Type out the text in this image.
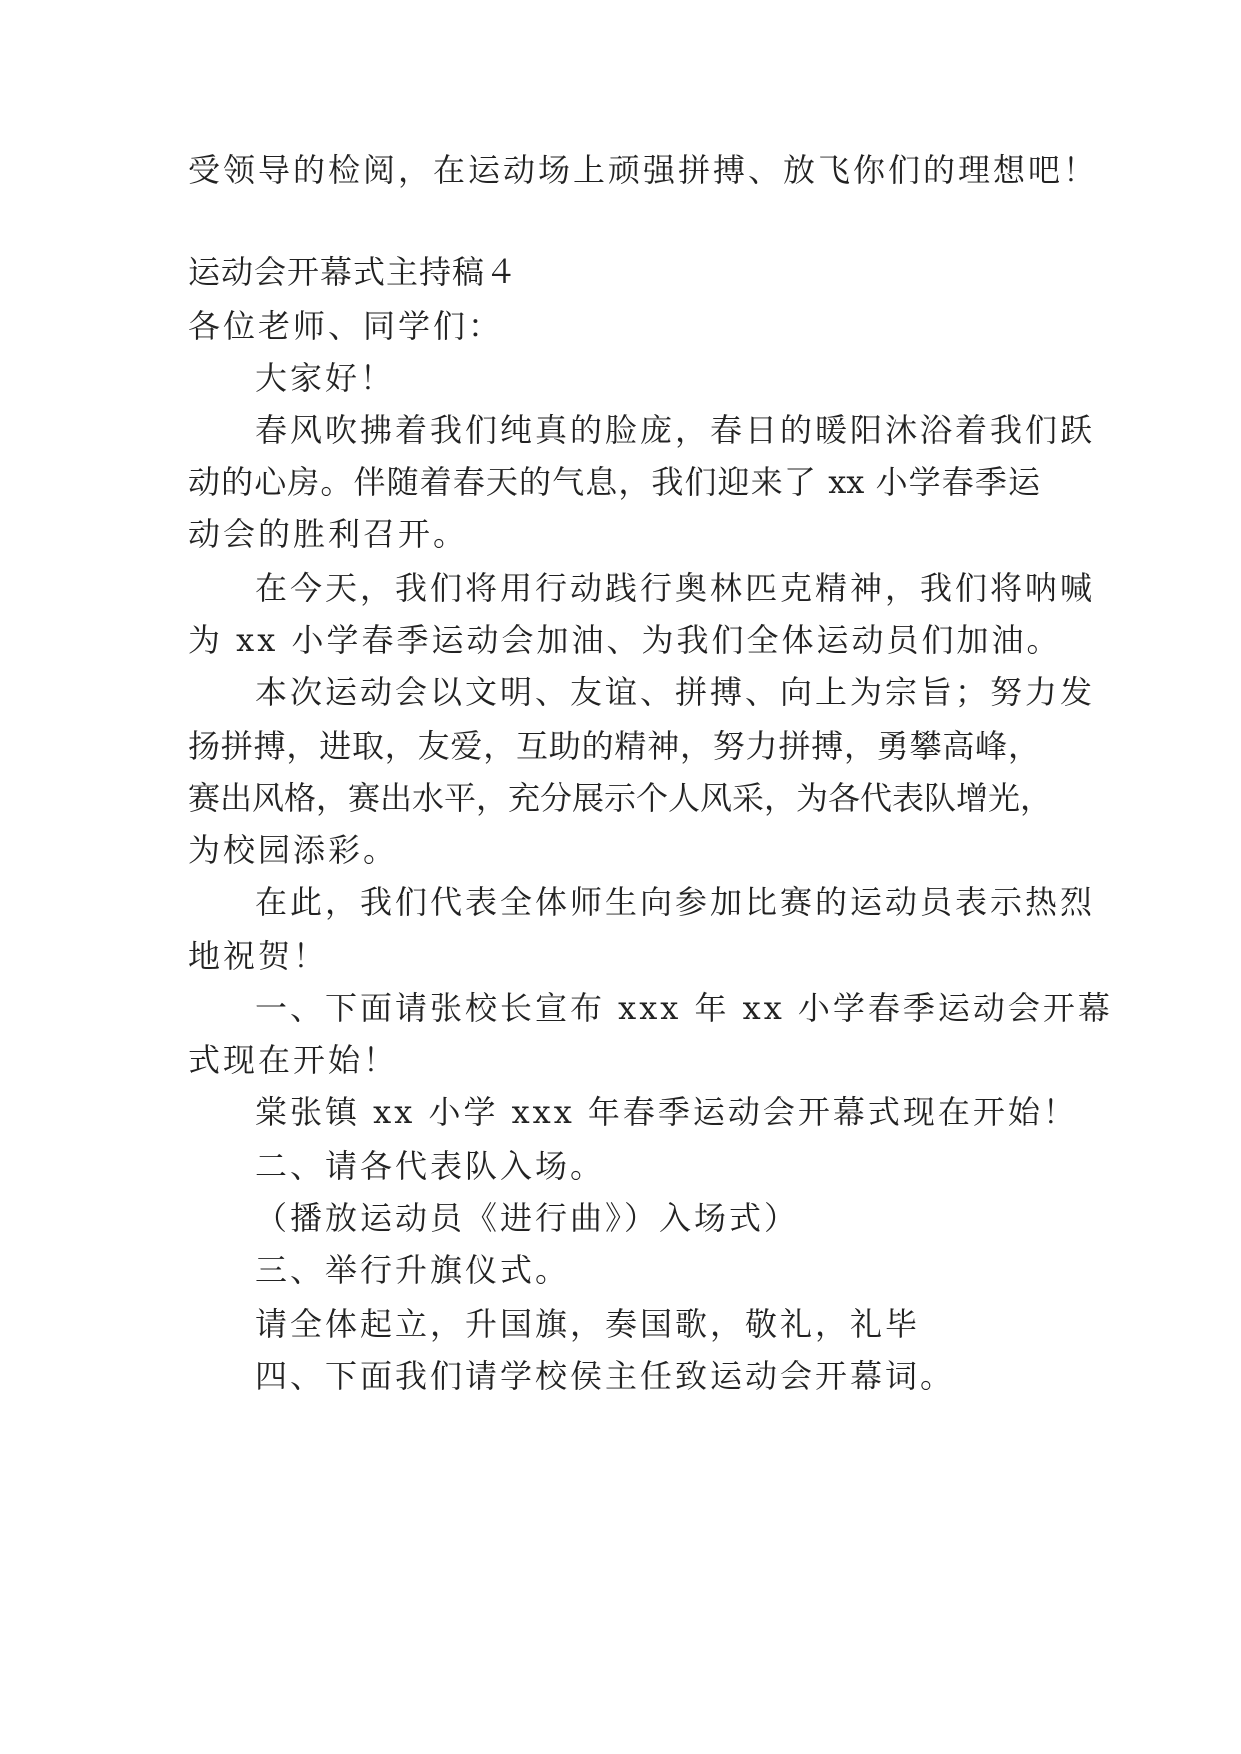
受领导的检阅，在运动场上顽强拼搏、放飞你们的理想吧！
运动会开幕式主持稿４
各位老师、同学们：
大家好！
春风吹拂着我们纯真的脸庞，春日的暖阳沐浴着我们跃
动的心房。伴随着春天的气息，我们迎来了 xx 小学春季运
动会的胜利召开。
在今天，我们将用行动践行奥林匹克精神，我们将呐喊
为 xx 小学春季运动会加油、为我们全体运动员们加油。
本次运动会以文明、友谊、拼搏、向上为宗旨；努力发
扬拼搏，进取，友爱，互助的精神，努力拼搏，勇攀高峰，
赛出风格，赛出水平，充分展示个人风采，为各代表队增光，
为校园添彩。
在此，我们代表全体师生向参加比赛的运动员表示热烈
地祝贺！
一、下面请张校长宣布 xxx 年 xx 小学春季运动会开幕
式现在开始！
棠张镇 xx 小学 xxx 年春季运动会开幕式现在开始！
二、请各代表队入场。
（播放运动员《进行曲》）入场式）
三、举行升旗仪式。
请全体起立，升国旗，奏国歌，敬礼，礼毕
四、下面我们请学校侯主任致运动会开幕词。
